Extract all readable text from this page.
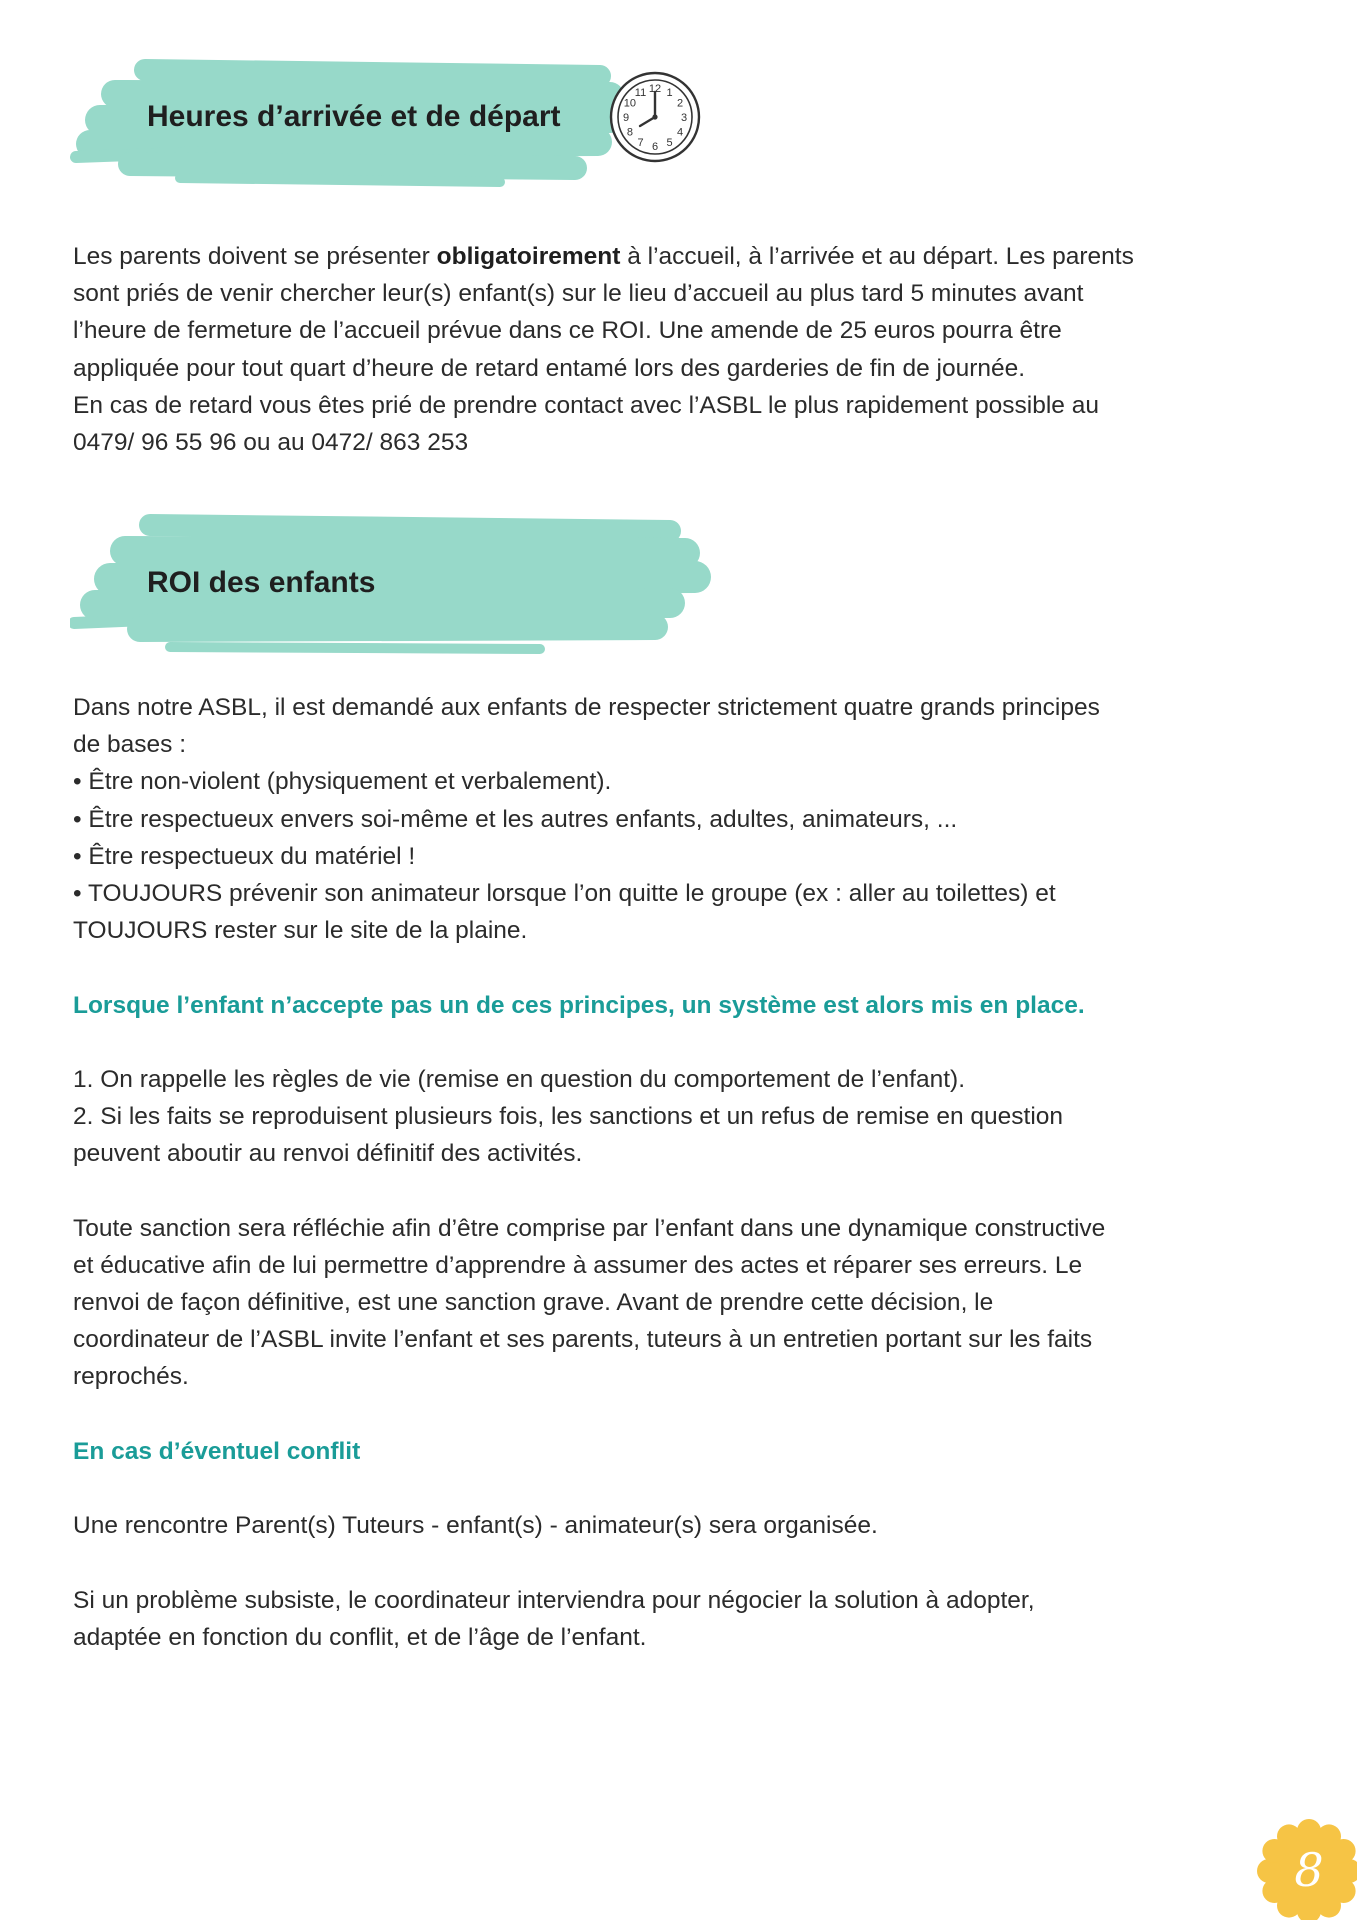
Heures d’arrivée et de départ
12 1
2
3
4
5
6
7
8
9
10
11
Les parents doivent se présenter obligatoirement à l’accueil, à l’arrivée et au départ. Les parents
sont priés de venir chercher leur(s) enfant(s) sur le lieu d’accueil au plus tard 5 minutes avant
l’heure de fermeture de l’accueil prévue dans ce ROI. Une amende de 25 euros pourra être
appliquée pour tout quart d’heure de retard entamé lors des garderies de fin de journée.
En cas de retard vous êtes prié de prendre contact avec l’ASBL le plus rapidement possible au
0479/ 96 55 96 ou au 0472/ 863 253
ROI des enfants
Dans notre ASBL, il est demandé aux enfants de respecter strictement quatre grands principes
de bases :
• Être non-violent (physiquement et verbalement).
• Être respectueux envers soi-même et les autres enfants, adultes, animateurs, ...
• Être respectueux du matériel !
• TOUJOURS prévenir son animateur lorsque l’on quitte le groupe (ex : aller au toilettes) et
TOUJOURS rester sur le site de la plaine.
Lorsque l’enfant n’accepte pas un de ces principes, un système est alors mis en place.
1. On rappelle les règles de vie (remise en question du comportement de l’enfant).
2. Si les faits se reproduisent plusieurs fois, les sanctions et un refus de remise en question
peuvent aboutir au renvoi définitif des activités.
Toute sanction sera réfléchie afin d’être comprise par l’enfant dans une dynamique constructive
et éducative afin de lui permettre d’apprendre à assumer des actes et réparer ses erreurs. Le
renvoi de façon définitive, est une sanction grave. Avant de prendre cette décision, le
coordinateur de l’ASBL invite l’enfant et ses parents, tuteurs à un entretien portant sur les faits
reprochés.
En cas d’éventuel conflit
Une rencontre Parent(s) Tuteurs - enfant(s) - animateur(s) sera organisée.
Si un problème subsiste, le coordinateur interviendra pour négocier la solution à adopter,
adaptée en fonction du conflit, et de l’âge de l’enfant.
8
